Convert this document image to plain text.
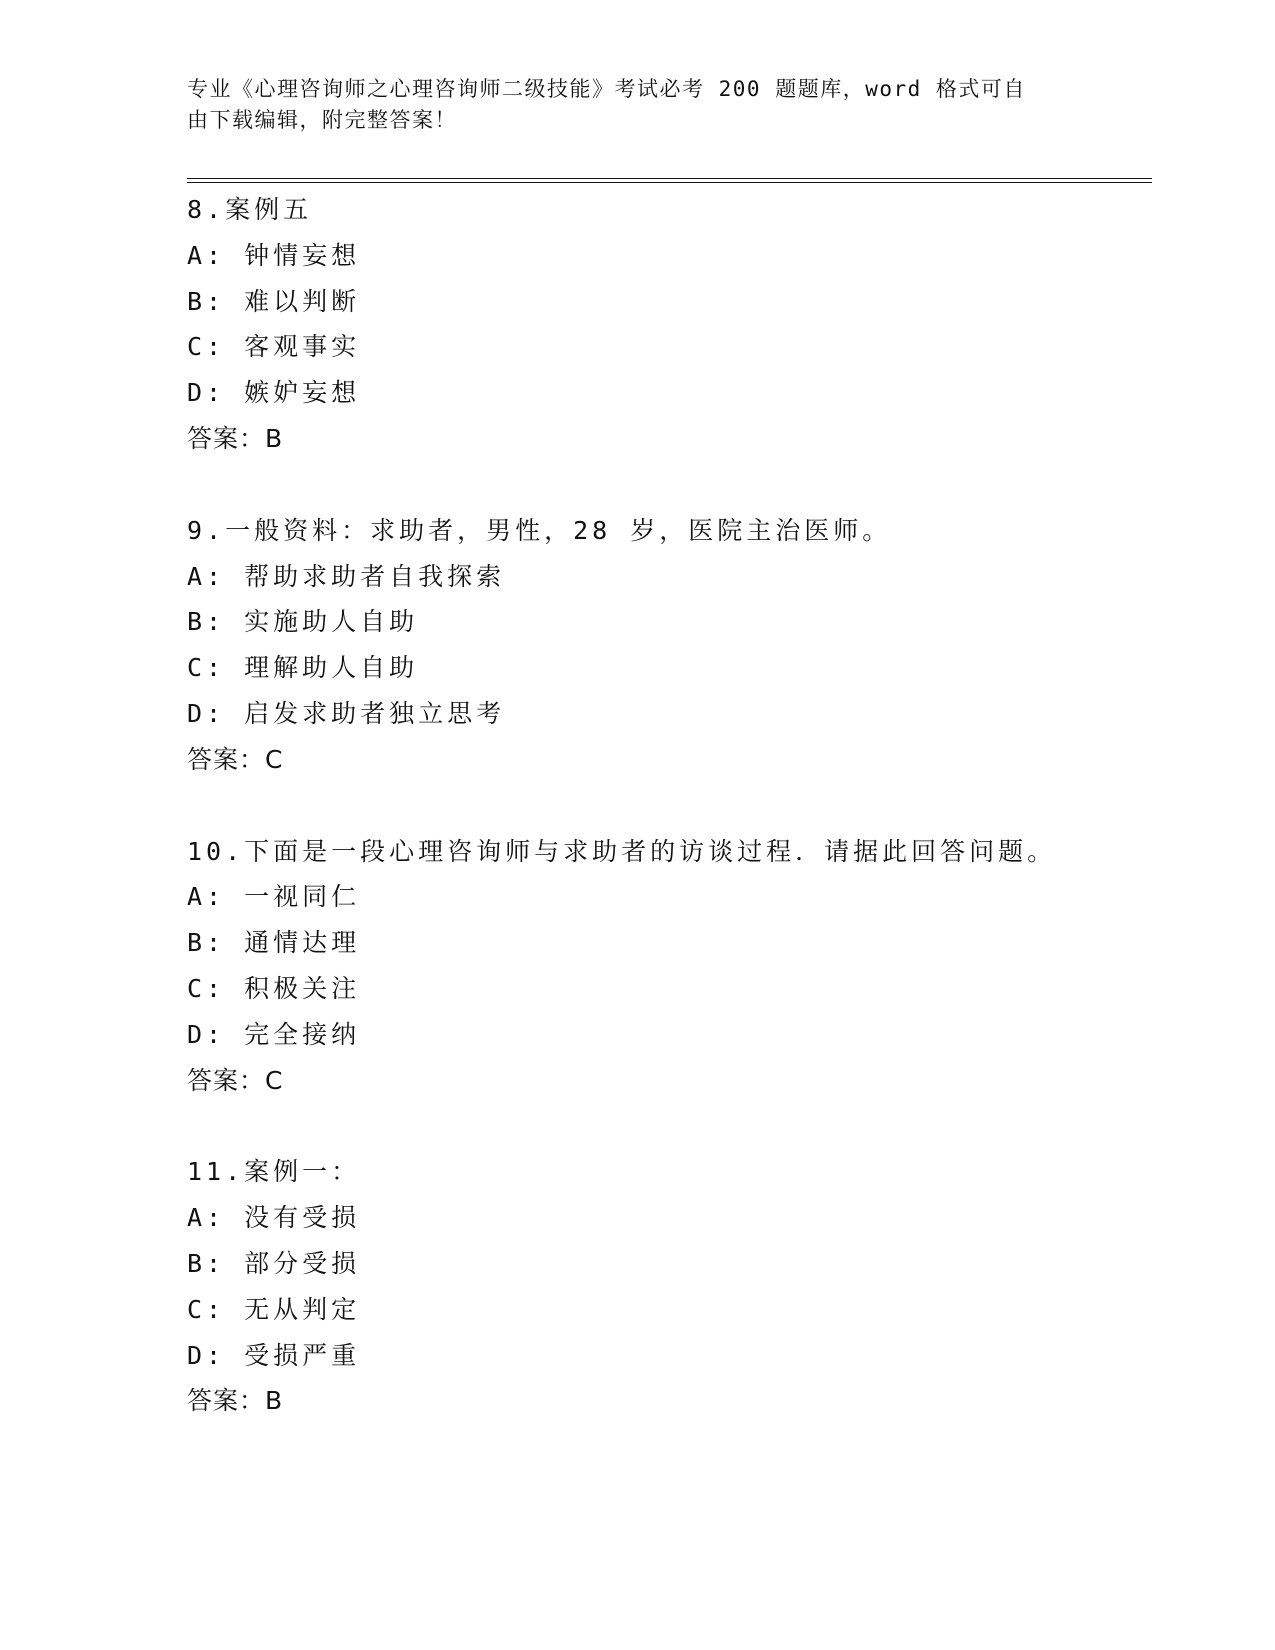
专业《心理咨询师之心理咨询师二级技能》考试必考 200 题题库，word 格式可自
由下载编辑，附完整答案！
8.案例五
A: 钟情妄想
B: 难以判断
C: 客观事实
D: 嫉妒妄想
答案：B
9.一般资料：求助者，男性，28 岁，医院主治医师。
A: 帮助求助者自我探索
B: 实施助人自助
C: 理解助人自助
D: 启发求助者独立思考
答案：C
10.下面是一段心理咨询师与求助者的访谈过程．请据此回答问题。
A: 一视同仁
B: 通情达理
C: 积极关注
D: 完全接纳
答案：C
11.案例一：
A: 没有受损
B: 部分受损
C: 无从判定
D: 受损严重
答案：B
